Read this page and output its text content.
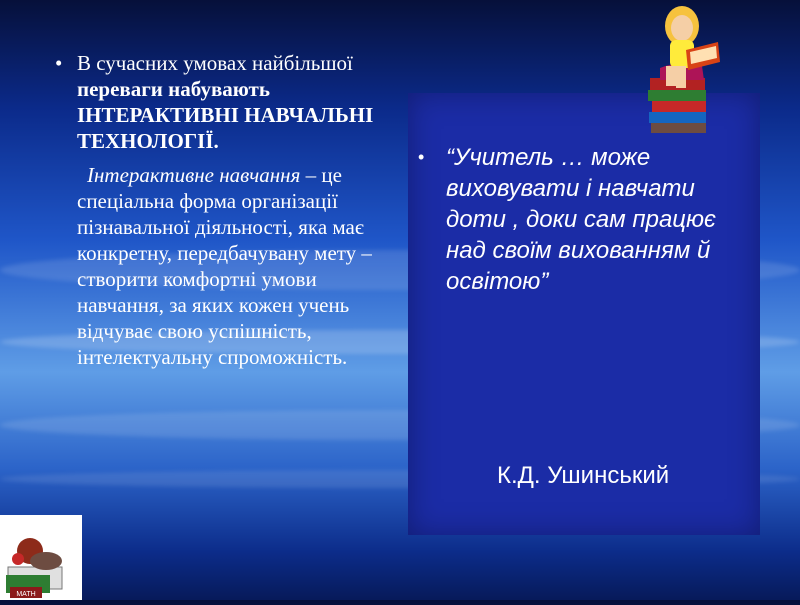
• В сучасних умовах найбільшої переваги набувають ІНТЕРАКТИВНІ НАВЧАЛЬНІ ТЕХНОЛОГІЇ.
Інтерактивне навчання – це спеціальна форма організації пізнавальної діяльності, яка має конкретну, передбачувану мету – створити комфортні умови навчання, за яких кожен учень відчуває свою успішність, інтелектуальну спроможність.
• “Учитель … може виховувати і навчати доти , доки сам працює над своїм вихованням й освітою”
К.Д. Ушинський
MATH
